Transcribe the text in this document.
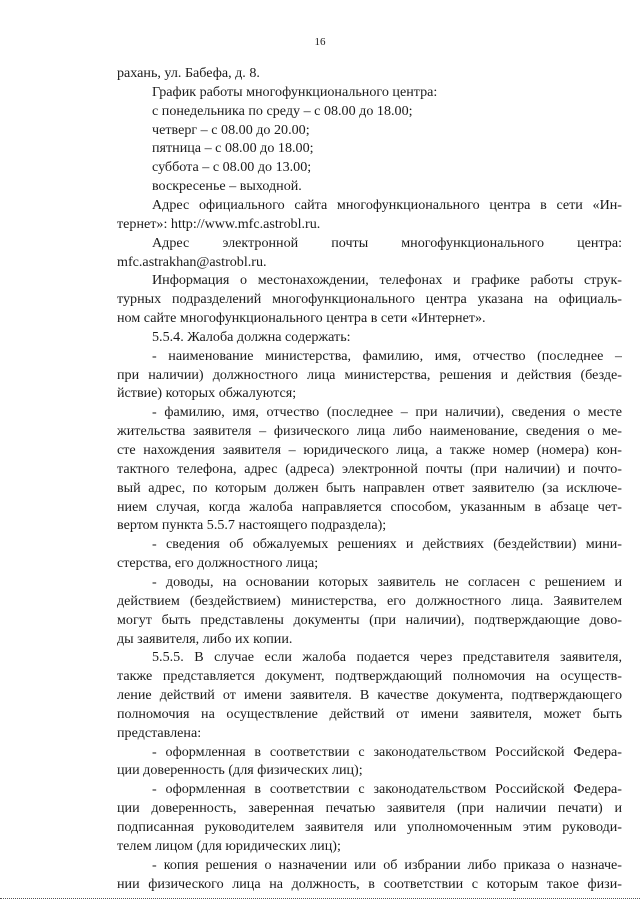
16
рахань, ул. Бабефа, д. 8.
График работы многофункционального центра:
с понедельника по среду – с 08.00 до 18.00;
четверг – с 08.00 до 20.00;
пятница – с 08.00 до 18.00;
суббота – с 08.00 до 13.00;
воскресенье – выходной.
Адрес официального сайта многофункционального центра в сети «Ин-
тернет»: http://www.mfc.astrobl.ru.
Адрес электронной почты многофункционального центра:
mfc.astrakhan@astrobl.ru.
Информация о местонахождении, телефонах и графике работы струк-
турных подразделений многофункционального центра указана на официаль-
ном сайте многофункционального центра в сети «Интернет».
5.5.4. Жалоба должна содержать:
- наименование министерства, фамилию, имя, отчество (последнее –
при наличии) должностного лица министерства, решения и действия (безде-
йствие) которых обжалуются;
- фамилию, имя, отчество (последнее – при наличии), сведения о месте
жительства заявителя – физического лица либо наименование, сведения о ме-
сте нахождения заявителя – юридического лица, а также номер (номера) кон-
тактного телефона, адрес (адреса) электронной почты (при наличии) и почто-
вый адрес, по которым должен быть направлен ответ заявителю (за исключе-
нием случая, когда жалоба направляется способом, указанным в абзаце чет-
вертом пункта 5.5.7 настоящего подраздела);
- сведения об обжалуемых решениях и действиях (бездействии) мини-
стерства, его должностного лица;
- доводы, на основании которых заявитель не согласен с решением и
действием (бездействием) министерства, его должностного лица. Заявителем
могут быть представлены документы (при наличии), подтверждающие дово-
ды заявителя, либо их копии.
5.5.5. В случае если жалоба подается через представителя заявителя,
также представляется документ, подтверждающий полномочия на осуществ-
ление действий от имени заявителя. В качестве документа, подтверждающего
полномочия на осуществление действий от имени заявителя, может быть
представлена:
- оформленная в соответствии с законодательством Российской Федера-
ции доверенность (для физических лиц);
- оформленная в соответствии с законодательством Российской Федера-
ции доверенность, заверенная печатью заявителя (при наличии печати) и
подписанная руководителем заявителя или уполномоченным этим руководи-
телем лицом (для юридических лиц);
- копия решения о назначении или об избрании либо приказа о назначе-
нии физического лица на должность, в соответствии с которым такое физи-
